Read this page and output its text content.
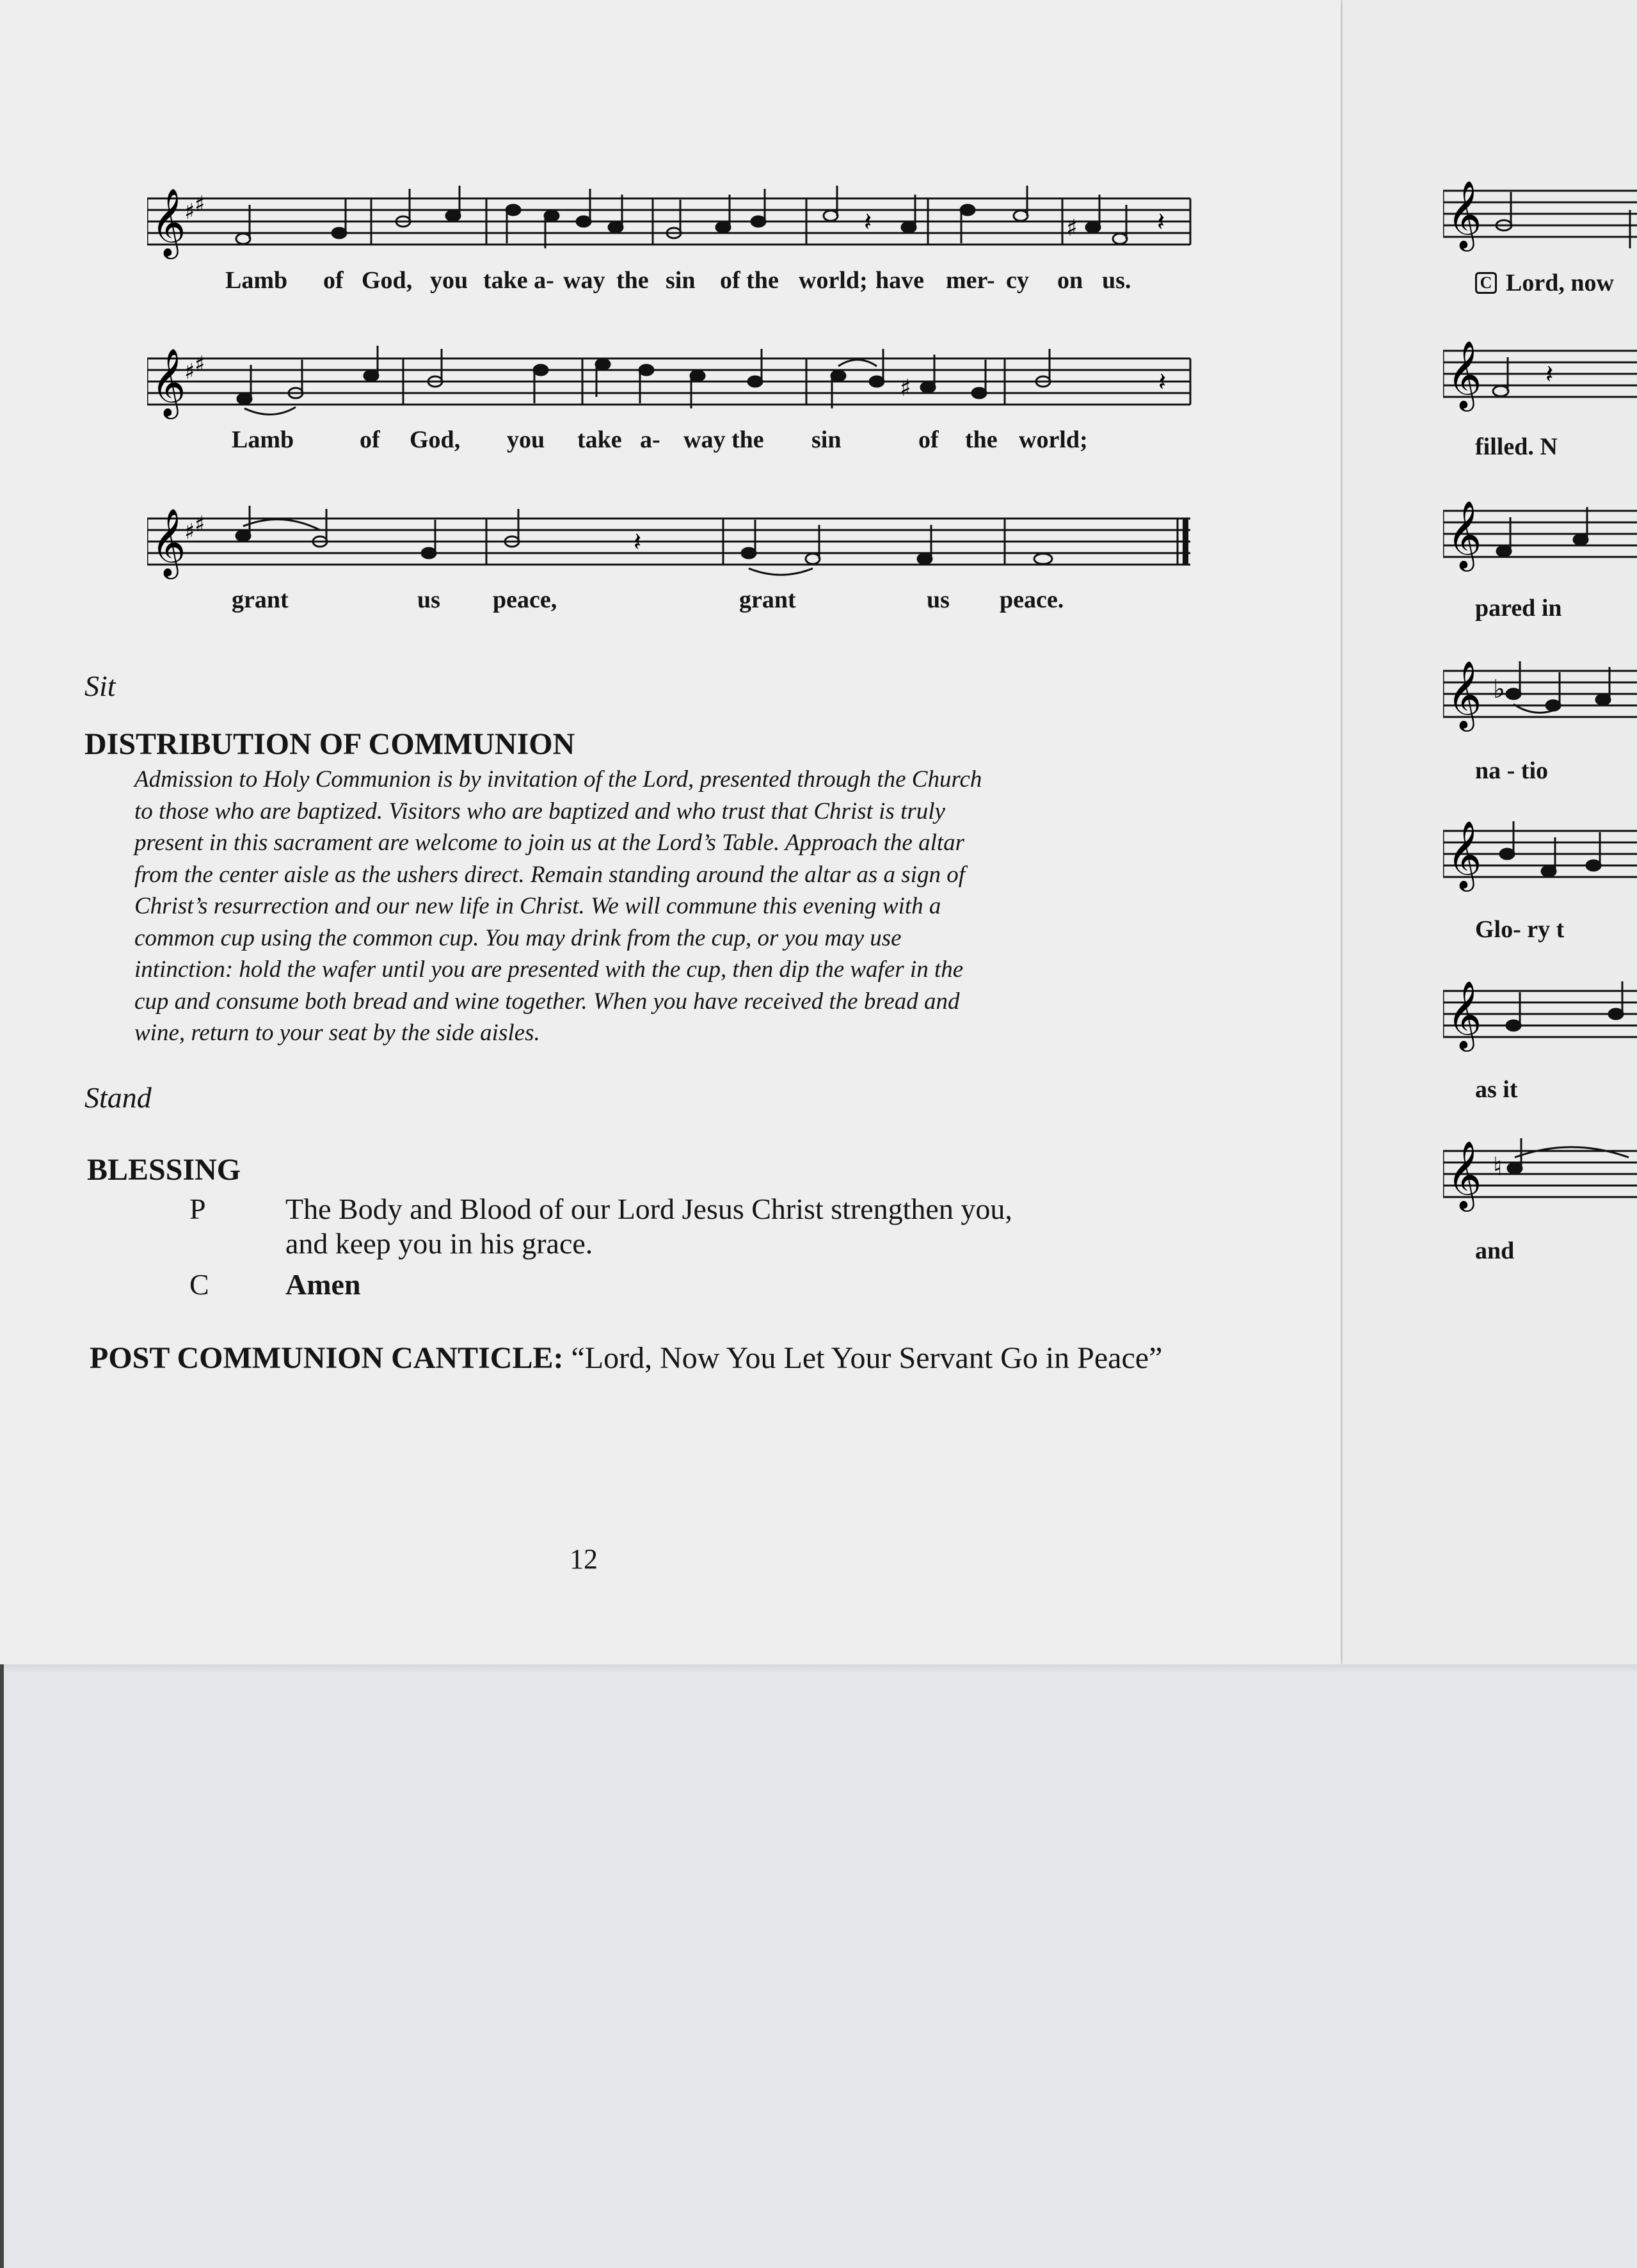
𝄞
♯ ♯
♯
𝄽	𝄽
Lamb of God, you take a- way the sin of the world; have mer- cy on us.
𝄞
♯ ♯
♯	𝄽
Lamb	of God, you take a- way the sin	of the world;
𝄞
♯ ♯
𝄽
grant	us peace,	grant	us peace.
Sit
DISTRIBUTION OF COMMUNION
Admission to Holy Communion is by invitation of the Lord, presented through the Church
to those who are baptized. Visitors who are baptized and who trust that Christ is truly
present in this sacrament are welcome to join us at the Lord’s Table. Approach the altar
from the center aisle as the ushers direct. Remain standing around the altar as a sign of
Christ’s resurrection and our new life in Christ. We will commune this evening with a
common cup using the common cup. You may drink from the cup, or you may use
intinction: hold the wafer until you are presented with the cup, then dip the wafer in the
cup and consume both bread and wine together. When you have received the bread and
wine, return to your seat by the side aisles.
Stand
BLESSING
P	The Body and Blood of our Lord Jesus Christ strengthen you,
and keep you in his grace.
C	Amen
POST COMMUNION CANTICLE: “Lord, Now You Let Your Servant Go in Peace”
12
𝄞
C Lord, now
𝄞 𝄽
filled. N
𝄞
pared in
𝄞 ♭
na - tio
𝄞
Glo- ry t
𝄞
as it
𝄞 ♮
and
